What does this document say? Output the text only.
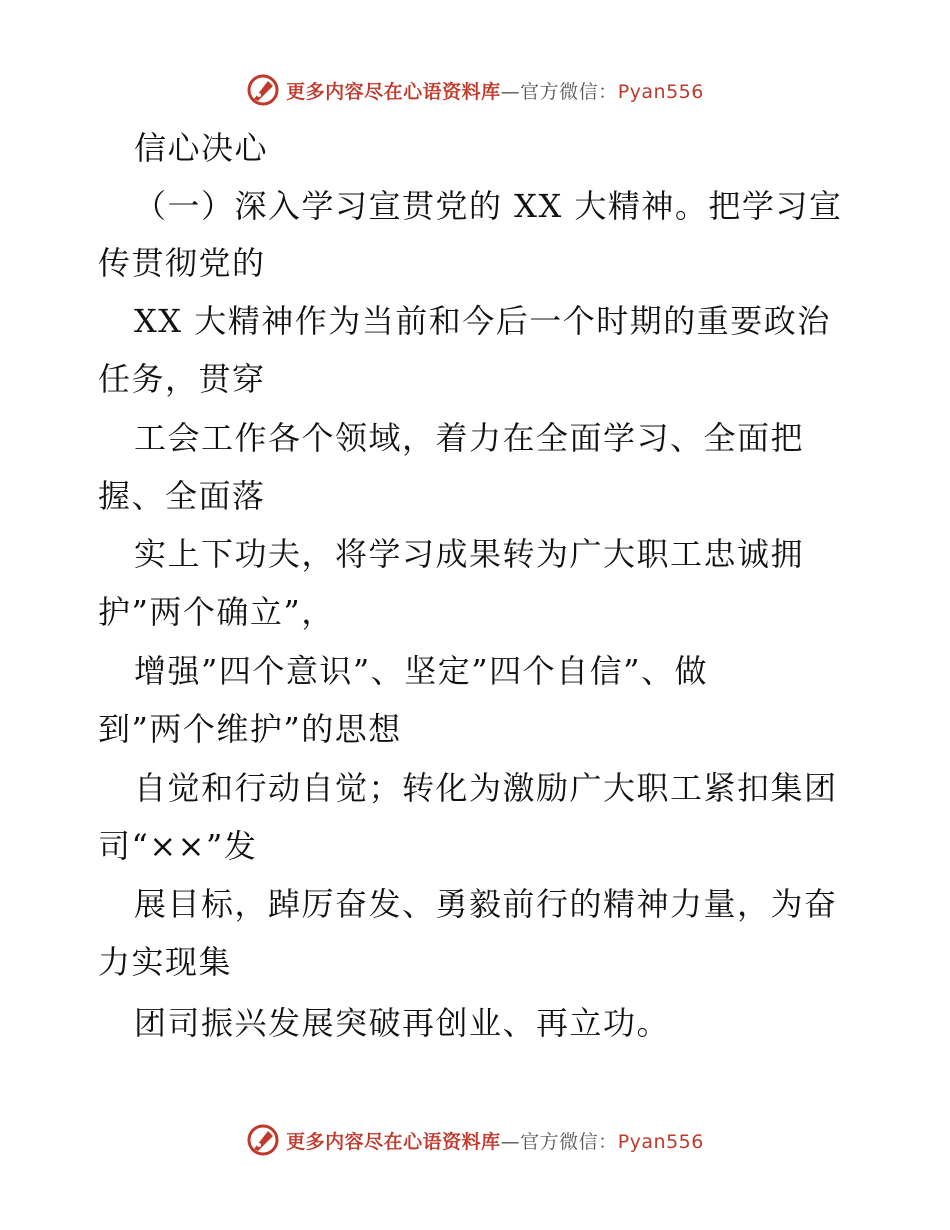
更多内容尽在心语资料库—官方微信：Pyan556
信心决心
（一）深入学习宣贯党的 XX 大精神。把学习宣
传贯彻党的
XX 大精神作为当前和今后一个时期的重要政治
任务，贯穿
工会工作各个领域，着力在全面学习、全面把
握、全面落
实上下功夫，将学习成果转为广大职工忠诚拥
护”两个确立”，
增强”四个意识”、坚定”四个自信”、做
到”两个维护”的思想
自觉和行动自觉；转化为激励广大职工紧扣集团
司“××”发
展目标，踔厉奋发、勇毅前行的精神力量，为奋
力实现集
团司振兴发展突破再创业、再立功。
更多内容尽在心语资料库—官方微信：Pyan556
